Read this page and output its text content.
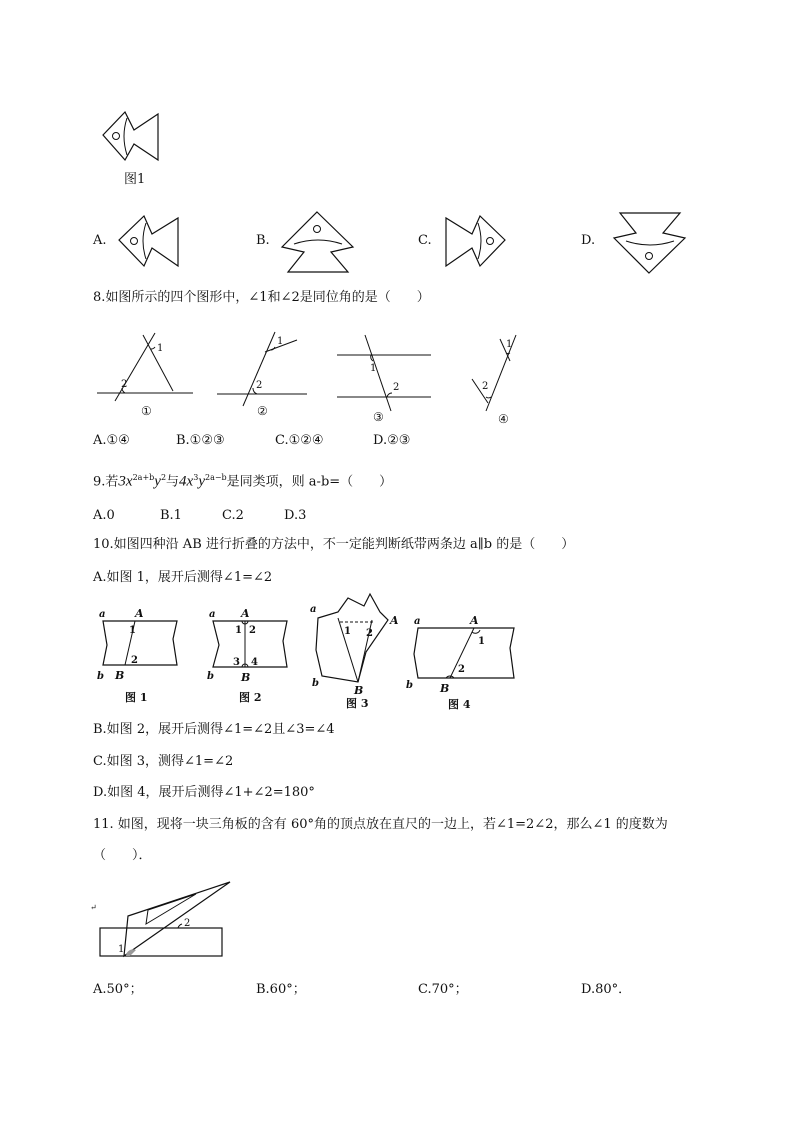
图1
A.	B.	C.	D.
8.如图所示的四个图形中，∠1和∠2是同位角的是（　　）
2
1
①
2
1
②
1
2
③
1
2
④
A.①④	B.①②③	C.①②④	D.②③
9.若$3x^{2a+b}y^2$与$4x^3y^{2a-b}$是同类项，则 a-b=（　　）
A.0	B.1	C.2	D.3
10.如图四种沿 AB 进行折叠的方法中，不一定能判断纸带两条边 a∥b 的是（　　）
A.如图 1，展开后测得∠1=∠2
a	A
1
2
b B
图 1
a A
1 2
3 4
b B
图 2
a
A
1 2
b
B
图 3
a	A
1
2
b B
图 4
B.如图 2，展开后测得∠1=∠2且∠3=∠4
C.如图 3，测得∠1=∠2
D.如图 4，展开后测得∠1+∠2=180°
11. 如图，现将一块三角板的含有 60°角的顶点放在直尺的一边上，若∠1=2∠2，那么∠1 的度数为
（　　）．
↵
1
2
A.50°；	B.60°；	C.70°；	D.80°．
